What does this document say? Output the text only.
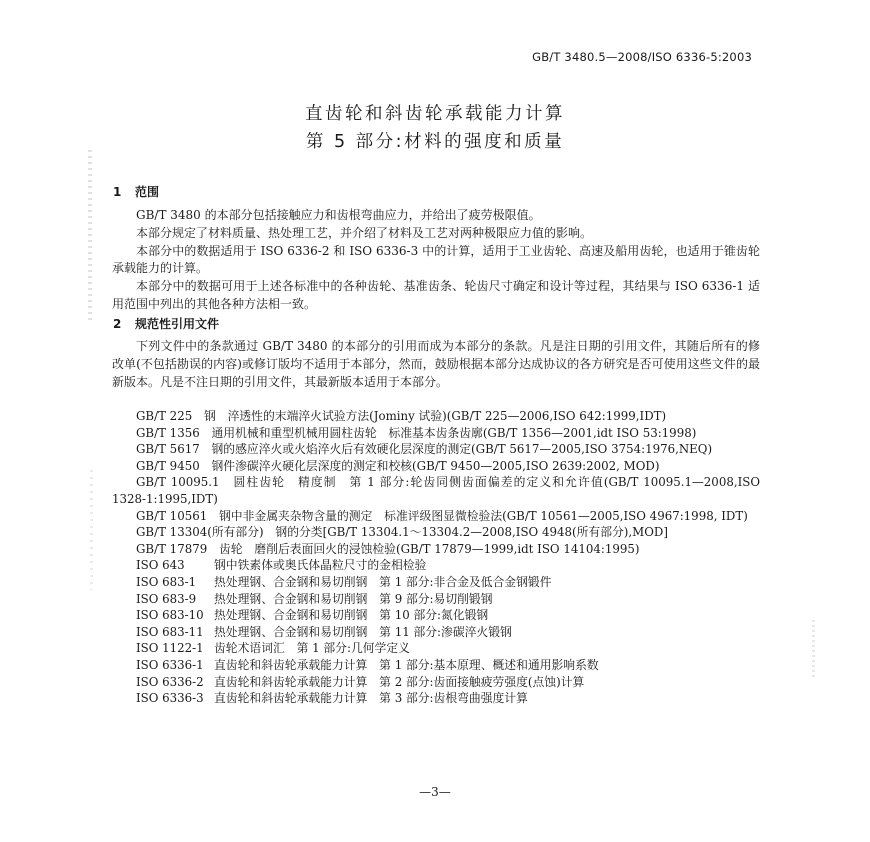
GB/T 3480.5—2008/ISO 6336-5:2003
直齿轮和斜齿轮承载能力计算
第 5 部分:材料的强度和质量
1 范围

GB/T 3480 的本部分包括接触应力和齿根弯曲应力，并给出了疲劳极限值。

本部分规定了材料质量、热处理工艺，并介绍了材料及工艺对两种极限应力值的影响。

本部分中的数据适用于 ISO 6336-2 和 ISO 6336-3 中的计算，适用于工业齿轮、高速及船用齿轮，也适用于锥齿轮承载能力的计算。

本部分中的数据可用于上述各标准中的各种齿轮、基准齿条、轮齿尺寸确定和设计等过程，其结果与 ISO 6336-1 适用范围中列出的其他各种方法相一致。

2 规范性引用文件

下列文件中的条款通过 GB/T 3480 的本部分的引用而成为本部分的条款。凡是注日期的引用文件，其随后所有的修改单(不包括勘误的内容)或修订版均不适用于本部分，然而，鼓励根据本部分达成协议的各方研究是否可使用这些文件的最新版本。凡是不注日期的引用文件，其最新版本适用于本部分。

GB/T 225　钢　淬透性的末端淬火试验方法(Jominy 试验)(GB/T 225—2006,ISO 642:1999,IDT)
GB/T 1356　通用机械和重型机械用圆柱齿轮　标准基本齿条齿廓(GB/T 1356—2001,idt ISO 53:1998)
GB/T 5617　钢的感应淬火或火焰淬火后有效硬化层深度的测定(GB/T 5617—2005,ISO 3754:1976,NEQ)
GB/T 9450　钢件渗碳淬火硬化层深度的测定和校核(GB/T 9450—2005,ISO 2639:2002, MOD)
GB/T 10095.1　圆柱齿轮　精度制　第 1 部分:轮齿同侧齿面偏差的定义和允许值(GB/T 10095.1—2008,ISO 1328-1:1995,IDT)
GB/T 10561　钢中非金属夹杂物含量的测定　标准评级图显微检验法(GB/T 10561—2005,ISO 4967:1998, IDT)
GB/T 13304(所有部分)　钢的分类[GB/T 13304.1～13304.2—2008,ISO 4948(所有部分),MOD]
GB/T 17879　齿轮　磨削后表面回火的浸蚀检验(GB/T 17879—1999,idt ISO 14104:1995)
ISO 643 钢中铁素体或奥氏体晶粒尺寸的金相检验
ISO 683-1 热处理钢、合金钢和易切削钢　第 1 部分:非合金及低合金钢锻件
ISO 683-9 热处理钢、合金钢和易切削钢　第 9 部分:易切削锻钢
ISO 683-10 热处理钢、合金钢和易切削钢　第 10 部分:氮化锻钢
ISO 683-11 热处理钢、合金钢和易切削钢　第 11 部分:渗碳淬火锻钢
ISO 1122-1 齿轮术语词汇　第 1 部分:几何学定义
ISO 6336-1 直齿轮和斜齿轮承载能力计算　第 1 部分:基本原理、概述和通用影响系数
ISO 6336-2 直齿轮和斜齿轮承载能力计算　第 2 部分:齿面接触疲劳强度(点蚀)计算
ISO 6336-3 直齿轮和斜齿轮承载能力计算　第 3 部分:齿根弯曲强度计算
—3—
